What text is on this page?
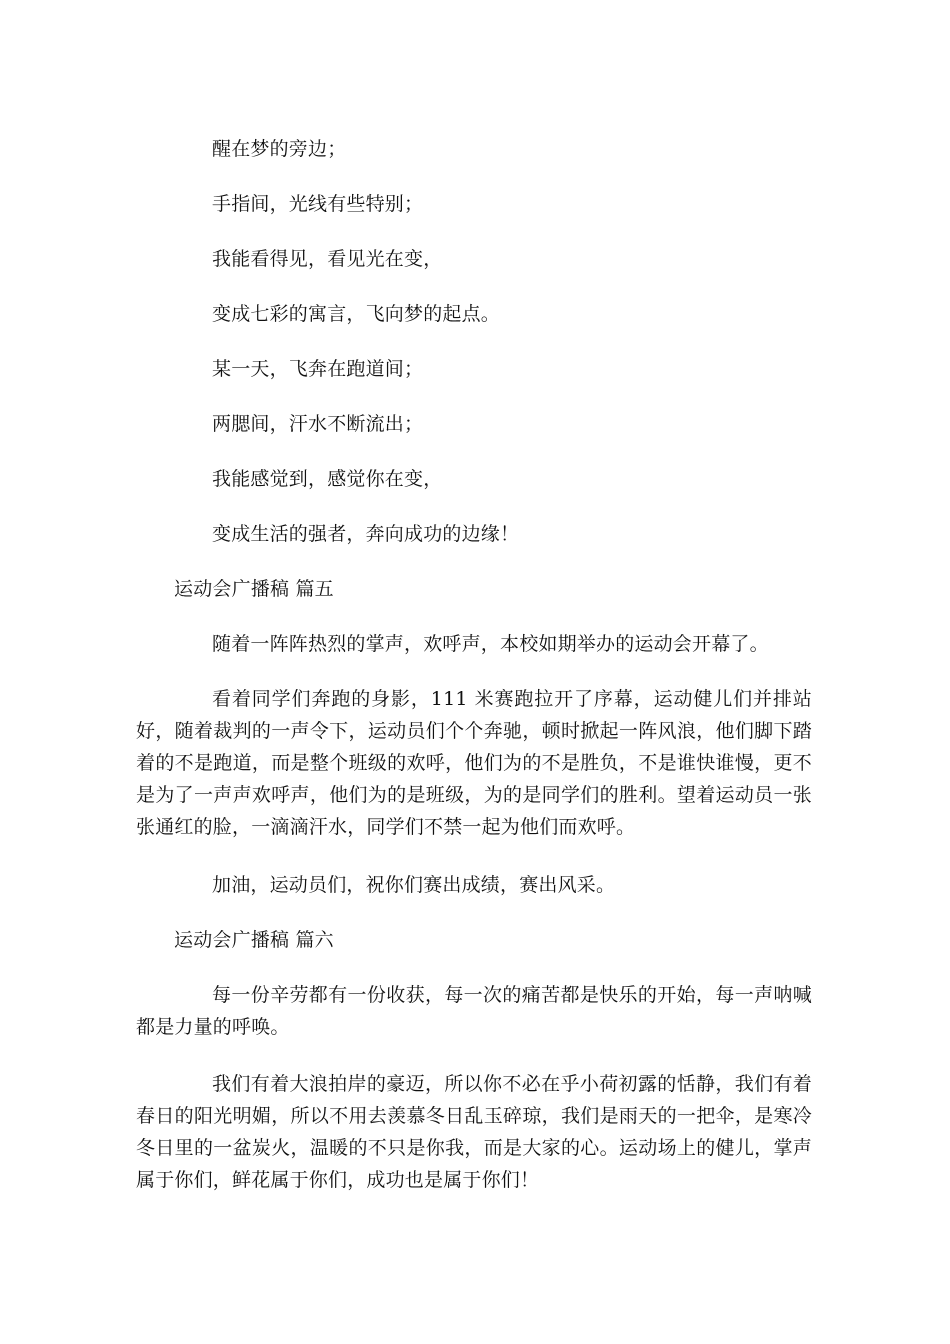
醒在梦的旁边；
手指间，光线有些特别；
我能看得见，看见光在变，
变成七彩的寓言，飞向梦的起点。
某一天，飞奔在跑道间；
两腮间，汗水不断流出；
我能感觉到，感觉你在变，
变成生活的强者，奔向成功的边缘！
运动会广播稿 篇五
随着一阵阵热烈的掌声，欢呼声，本校如期举办的运动会开幕了。
看着同学们奔跑的身影，111 米赛跑拉开了序幕，运动健儿们并排站好，随着裁判的一声令下，运动员们个个奔驰，顿时掀起一阵风浪，他们脚下踏着的不是跑道，而是整个班级的欢呼，他们为的不是胜负，不是谁快谁慢，更不是为了一声声欢呼声，他们为的是班级，为的是同学们的胜利。望着运动员一张张通红的脸，一滴滴汗水，同学们不禁一起为他们而欢呼。
加油，运动员们，祝你们赛出成绩，赛出风采。
运动会广播稿 篇六
每一份辛劳都有一份收获，每一次的痛苦都是快乐的开始，每一声呐喊都是力量的呼唤。
我们有着大浪拍岸的豪迈，所以你不必在乎小荷初露的恬静，我们有着春日的阳光明媚，所以不用去羡慕冬日乱玉碎琼，我们是雨天的一把伞，是寒冷冬日里的一盆炭火，温暖的不只是你我，而是大家的心。运动场上的健儿，掌声属于你们，鲜花属于你们，成功也是属于你们！
